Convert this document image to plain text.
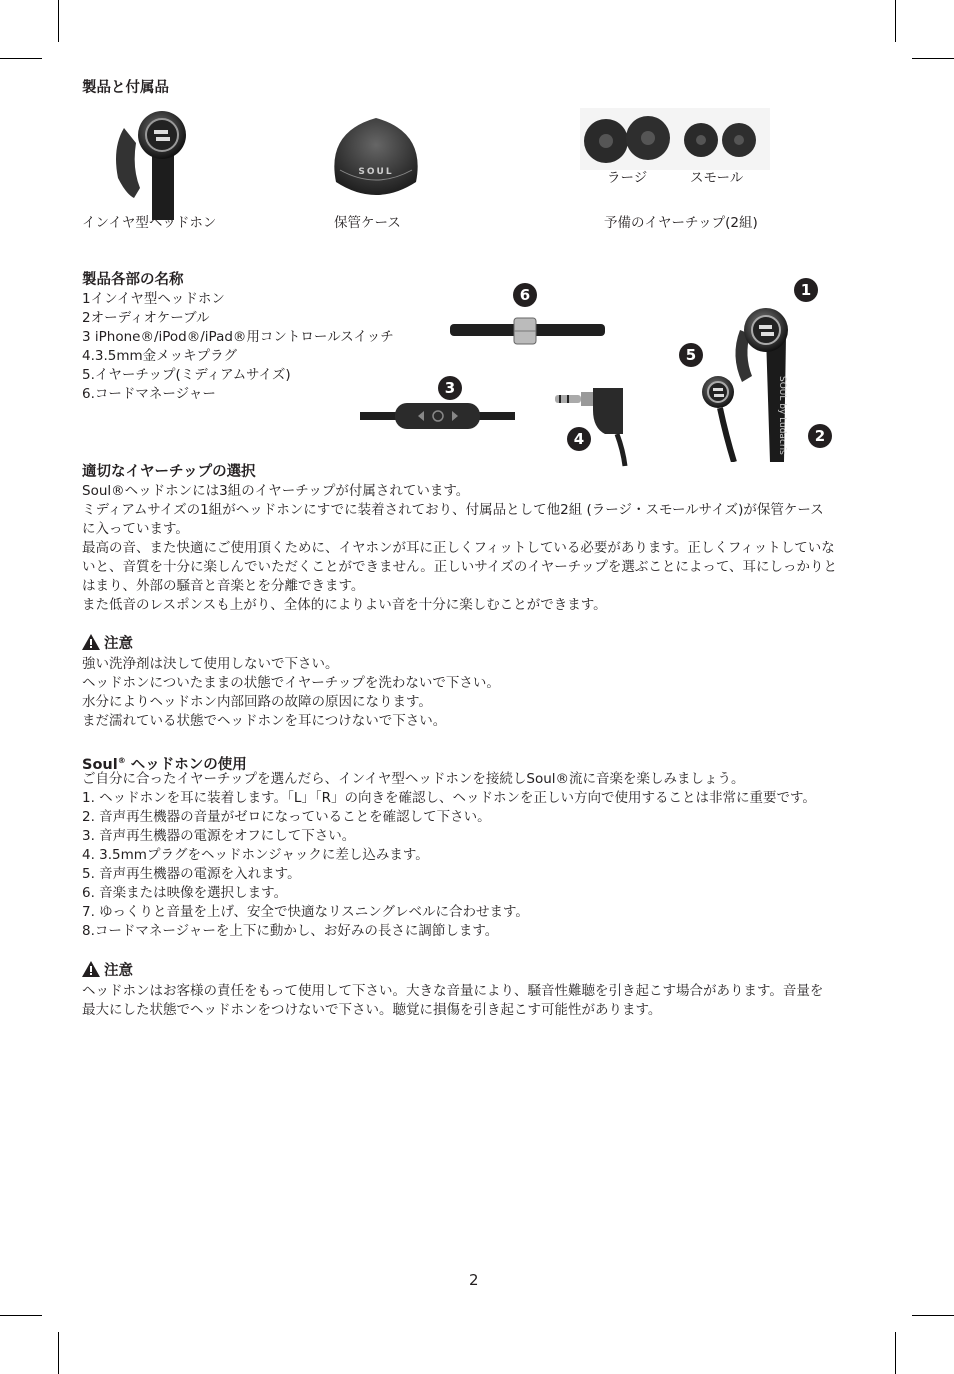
製品と付属品
SOUL	ラージ	スモール
インイヤ型ヘッドホン	保管ケース	予備のイヤーチップ(2組)
製品各部の名称
1インイヤ型ヘッドホン
2オーディオケーブル
3 iPhone®/iPod®/iPad®用コントロールスイッチ
4.3.5mm金メッキプラグ
5.イヤーチップ(ミディアムサイズ)
6.コードマネージャー	SOUL by Ludacris
6	1
5
3
2
4
適切なイヤーチップの選択
Soul®ヘッドホンには3組のイヤーチップが付属されています。
ミディアムサイズの1組がヘッドホンにすでに装着されており、付属品として他2組 (ラージ・スモールサイズ)が保管ケース
に入っています。
最高の音、また快適にご使用頂くために、イヤホンが耳に正しくフィットしている必要があります。正しくフィットしていな
いと、音質を十分に楽しんでいただくことができません。正しいサイズのイヤーチップを選ぶことによって、耳にしっかりと
はまり、外部の騒音と音楽とを分離できます。
また低音のレスポンスも上がり、全体的によりよい音を十分に楽しむことができます。
注意
強い洗浄剤は決して使用しないで下さい。
ヘッドホンについたままの状態でイヤーチップを洗わないで下さい。
水分によりヘッドホン内部回路の故障の原因になります。
まだ濡れている状態でヘッドホンを耳につけないで下さい。
Soul® ヘッドホンの使用
ご自分に合ったイヤーチップを選んだら、インイヤ型ヘッドホンを接続しSoul®流に音楽を楽しみましょう。
1. ヘッドホンを耳に装着します。「L」「R」の向きを確認し、ヘッドホンを正しい方向で使用することは非常に重要です。
2. 音声再生機器の音量がゼロになっていることを確認して下さい。
3. 音声再生機器の電源をオフにして下さい。
4. 3.5mmプラグをヘッドホンジャックに差し込みます。
5. 音声再生機器の電源を入れます。
6. 音楽または映像を選択します。
7. ゆっくりと音量を上げ、安全で快適なリスニングレベルに合わせます。
8.コードマネージャーを上下に動かし、お好みの長さに調節します。
注意
ヘッドホンはお客様の責任をもって使用して下さい。大きな音量により、騒音性難聴を引き起こす場合があります。音量を
最大にした状態でヘッドホンをつけないで下さい。聴覚に損傷を引き起こす可能性があります。
2
